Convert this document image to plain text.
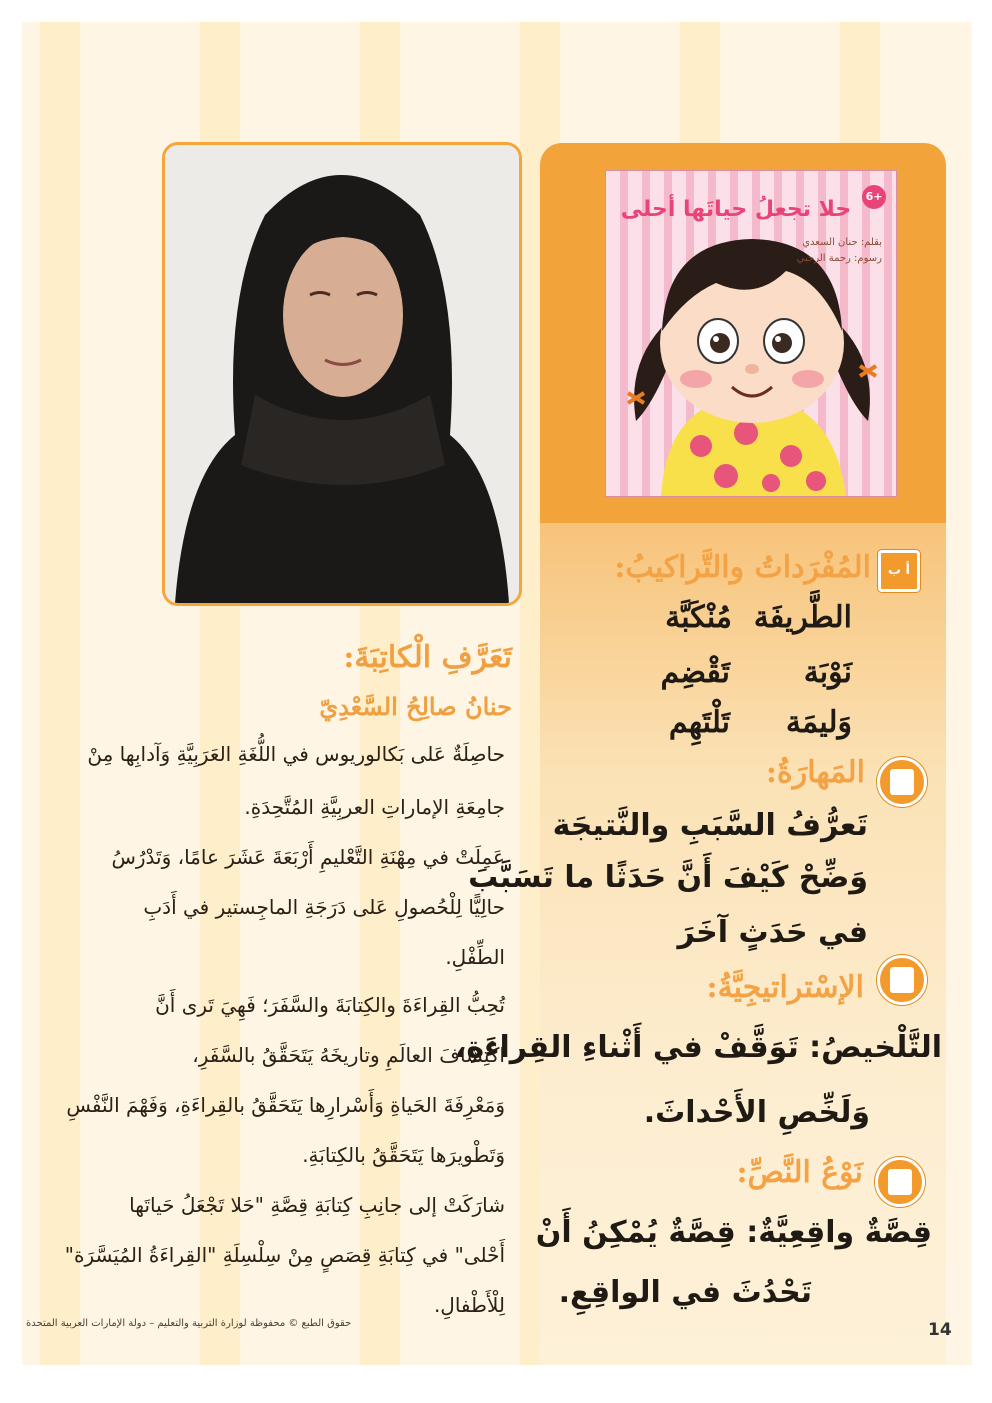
6+
حلا تجعلُ حياتَها أحلى
بقلم: حنان السعدي
رسوم: رحمة الرحبي
أ ب
المُفْرَداتُ والتَّراكيبُ:
الطَّريفَة
مُنْكَبَّة
نَوْبَة
تَقْضِم
وَليمَة
تَلْتَهِم
المَهارَةُ:
تَعرُّفُ السَّبَبِ والنَّتيجَة
وَضِّحْ كَيْفَ أَنَّ حَدَثًا ما تَسَبَّبَ
في حَدَثٍ آخَرَ
الإسْتراتيجِيَّةُ:
التَّلْخيصُ: تَوَقَّفْ في أَثْناءِ القِراءَةِ،
وَلَخِّصِ الأَحْداثَ.
نَوْعُ النَّصِّ:
قِصَّةٌ واقِعِيَّةٌ: قِصَّةٌ يُمْكِنُ أَنْ
تَحْدُثَ في الواقِعِ.
تَعَرَّفِ الْكاتِبَةَ:
حنانُ صالِحُ السَّعْدِيّ
حاصِلَةٌ عَلى بَكالوريوس في اللُّغَةِ العَرَبِيَّةِ وَآدابِها مِنْ
جامِعَةِ الإماراتِ العربِيَّةِ المُتَّحِدَةِ.
عَمِلَتْ في مِهْنَةِ التَّعْليمِ أَرْبَعَةَ عَشَرَ عامًا، وَتَدْرُسُ
حالِيًّا لِلْحُصولِ عَلى دَرَجَةِ الماجِستير في أَدَبِ
الطِّفْلِ.
تُحِبُّ القِراءَةَ والكِتابَةَ والسَّفَرَ؛ فَهِيَ تَرى أَنَّ
اكْتِشافَ العالَمِ وتاريخَهُ يَتَحَقَّقُ بالسَّفَرِ،
وَمَعْرِفَةَ الحَياةِ وَأَسْرارِها يَتَحَقَّقُ بالقِراءَةِ، وَفَهْمَ النَّفْسِ
وَتَطْويرَها يَتَحَقَّقُ بالكِتابَةِ.
شارَكَتْ إلى جانِبِ كِتابَةِ قِصَّةِ "حَلا تَجْعَلُ حَياتَها
أَحْلى" في كِتابَةِ قِصَصٍ مِنْ سِلْسِلَةِ "القِراءَةُ المُيَسَّرَة"
لِلْأَطْفالِ.
حقوق الطبع © محفوظة لوزارة التربية والتعليم – دولة الإمارات العربية المتحدة	14
